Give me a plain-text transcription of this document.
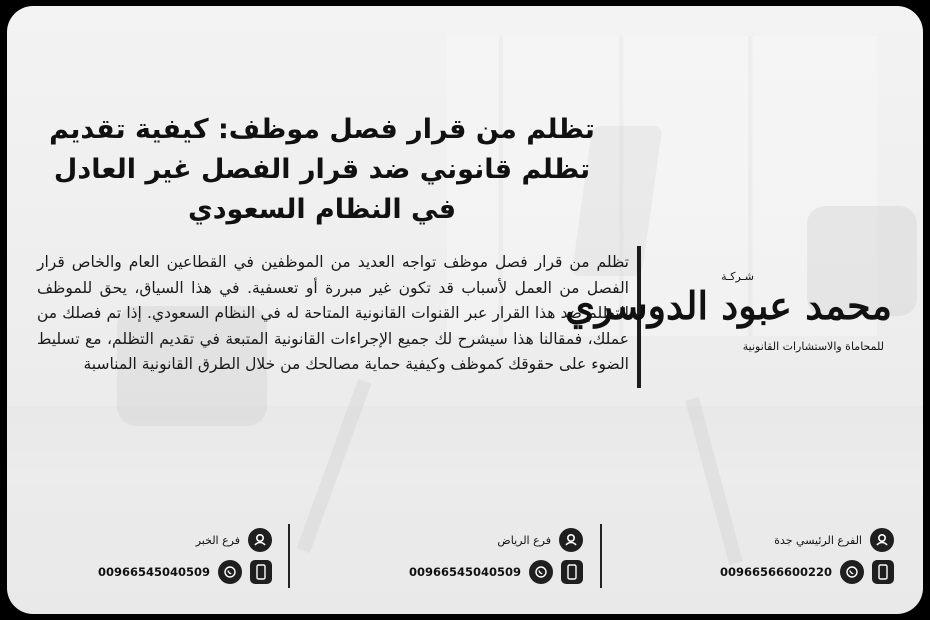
تظلم من قرار فصل موظف: كيفية تقديم تظلم قانوني ضد قرار الفصل غير العادل في النظام السعودي
تظلم من قرار فصل موظف تواجه العديد من الموظفين في القطاعين العام والخاص قرار الفصل من العمل لأسباب قد تكون غير مبررة أو تعسفية. في هذا السياق، يحق للموظف التظلم ضد هذا القرار عبر القنوات القانونية المتاحة له في النظام السعودي. إذا تم فصلك من عملك، فمقالنا هذا سيشرح لك جميع الإجراءات القانونية المتبعة في تقديم التظلم، مع تسليط الضوء على حقوقك كموظف وكيفية حماية مصالحك من خلال الطرق القانونية المناسبة
شـركـة
محمد عبود الدوسري
للمحاماة والاستشارات القانونية
الفرع الرئيسي جدة
00966566600220
فرع الرياض
00966545040509
فرع الخبر
00966545040509
